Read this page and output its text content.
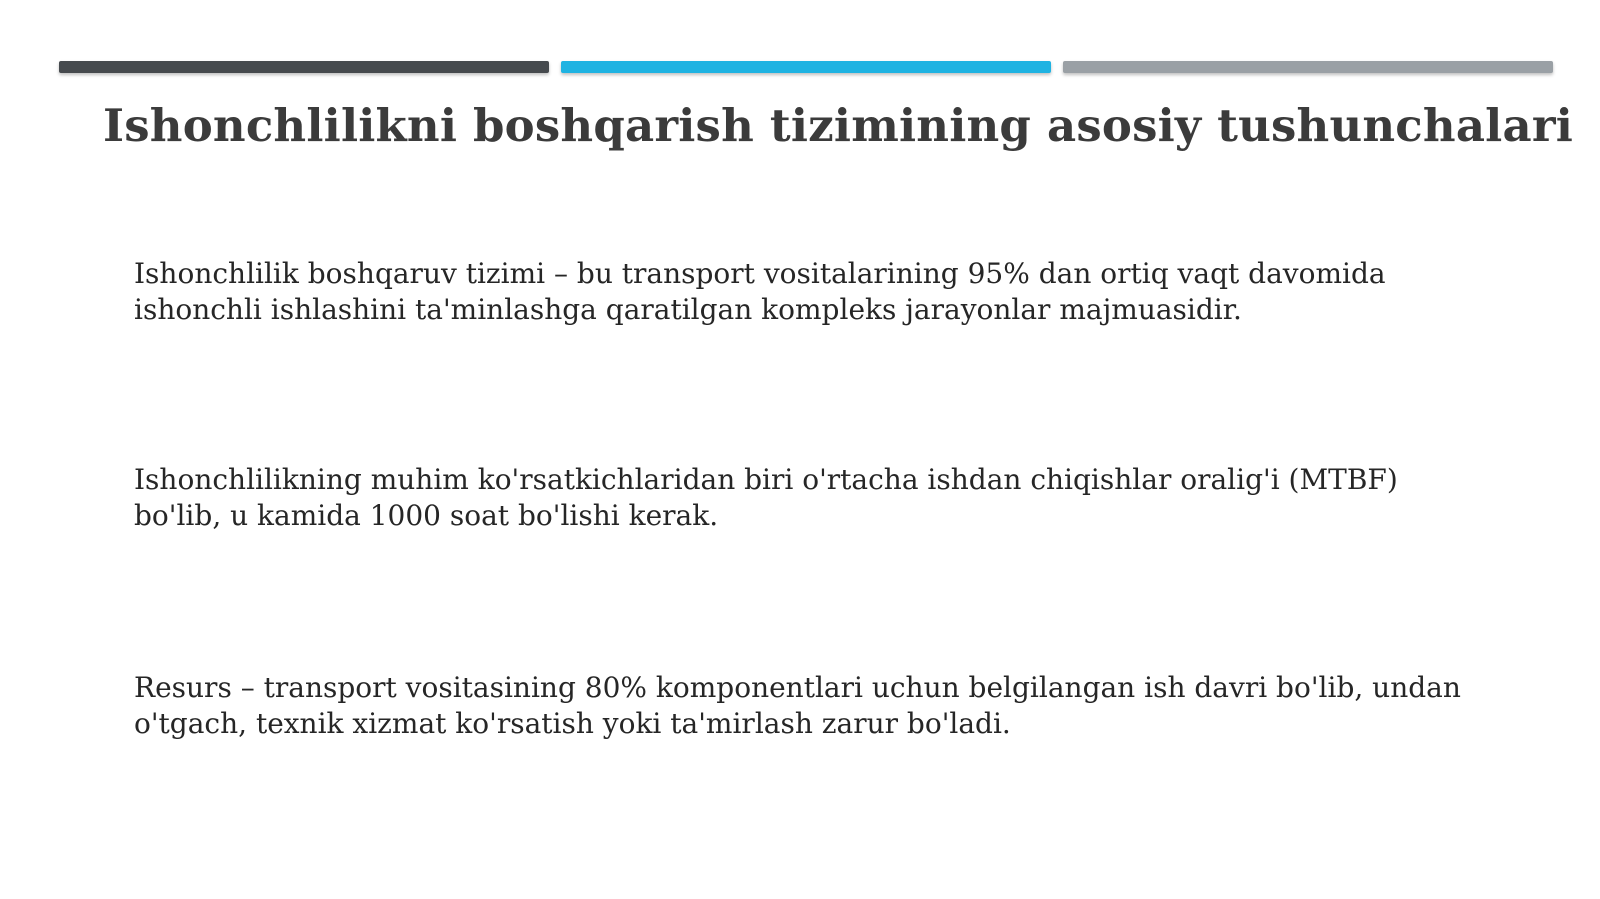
Ishonchlilikni boshqarish tizimining asosiy tushunchalari

Ishonchlilik boshqaruv tizimi – bu transport vositalarining 95% dan ortiq vaqt davomida
ishonchli ishlashini ta'minlashga qaratilgan kompleks jarayonlar majmuasidir.

Ishonchlilikning muhim ko'rsatkichlaridan biri o'rtacha ishdan chiqishlar oralig'i (MTBF)
bo'lib, u kamida 1000 soat bo'lishi kerak.

Resurs – transport vositasining 80% komponentlari uchun belgilangan ish davri bo'lib, undan
o'tgach, texnik xizmat ko'rsatish yoki ta'mirlash zarur bo'ladi.
